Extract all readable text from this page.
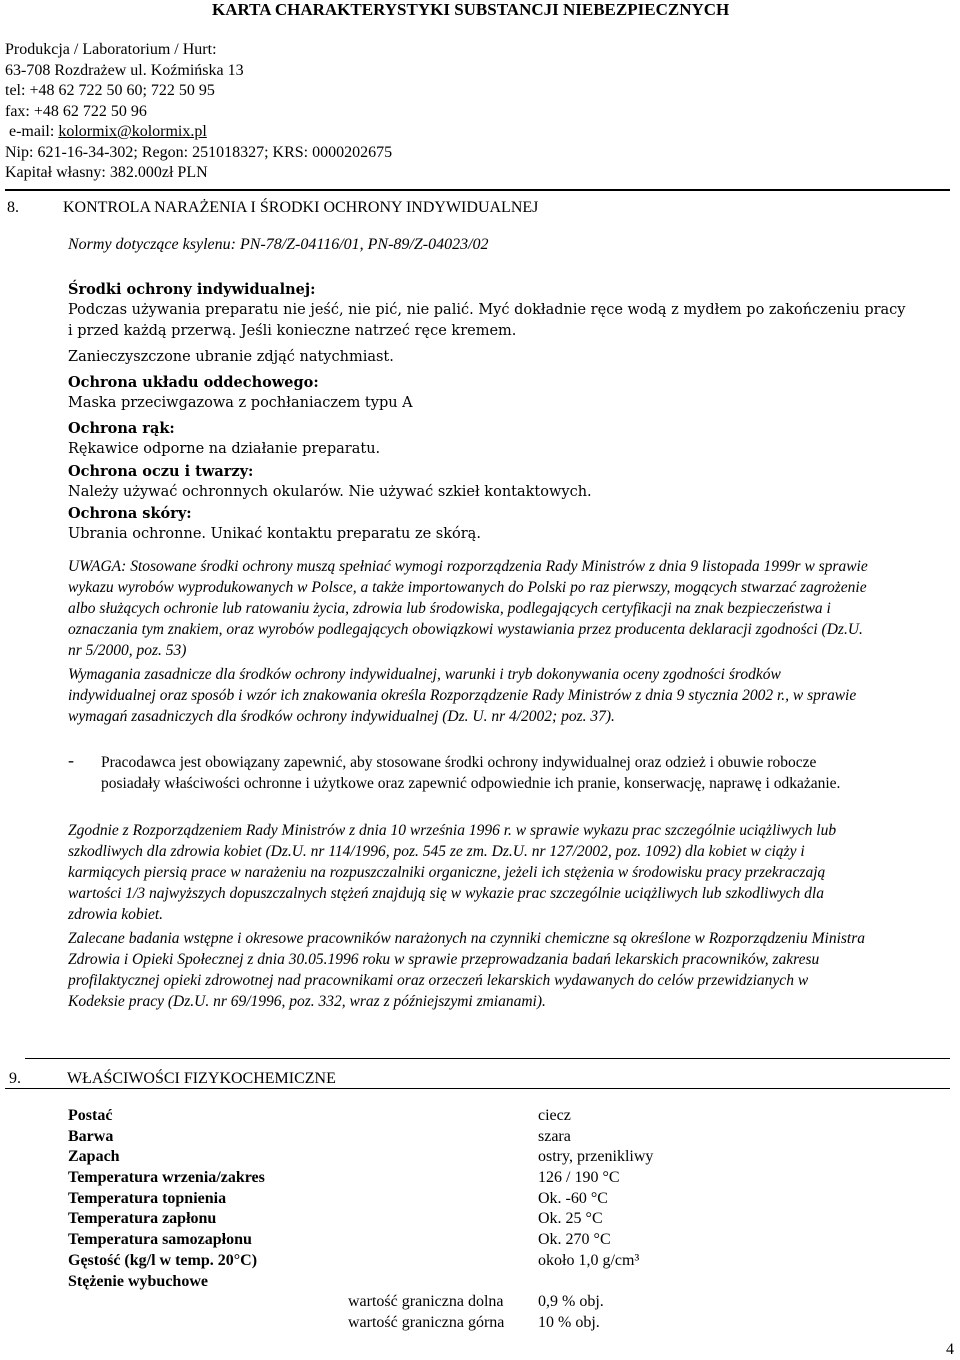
KARTA CHARAKTERYSTYKI SUBSTANCJI NIEBEZPIECZNYCH
Produkcja / Laboratorium / Hurt:
63-708 Rozdrażew ul. Koźmińska 13
tel: +48 62 722 50 60; 722 50 95
fax: +48 62 722 50 96
e-mail: kolormix@kolormix.pl
Nip: 621-16-34-302; Regon: 251018327; KRS: 0000202675
Kapitał własny: 382.000zł PLN
8.	KONTROLA NARAŻENIA I ŚRODKI OCHRONY INDYWIDUALNEJ
Normy dotyczące ksylenu: PN-78/Z-04116/01, PN-89/Z-04023/02
Środki ochrony indywidualnej:
Podczas używania preparatu nie jeść, nie pić, nie palić. Myć dokładnie ręce wodą z mydłem po zakończeniu pracy i przed każdą przerwą. Jeśli konieczne natrzeć ręce kremem.
Zanieczyszczone ubranie zdjąć natychmiast.
Ochrona układu oddechowego:
Maska przeciwgazowa z pochłaniaczem typu A
Ochrona rąk:
Rękawice odporne na działanie preparatu.
Ochrona oczu i twarzy:
Należy używać ochronnych okularów. Nie używać szkieł kontaktowych.
Ochrona skóry:
Ubrania ochronne. Unikać kontaktu preparatu ze skórą.
UWAGA: Stosowane środki ochrony muszą spełniać wymogi rozporządzenia Rady Ministrów z dnia 9 listopada 1999r w sprawie wykazu wyrobów wyprodukowanych w Polsce, a także importowanych do Polski po raz pierwszy, mogących stwarzać zagrożenie albo służących ochronie lub ratowaniu życia, zdrowia lub środowiska, podlegających certyfikacji na znak bezpieczeństwa i oznaczania tym znakiem, oraz wyrobów podlegających obowiązkowi wystawiania przez producenta deklaracji zgodności (Dz.U. nr 5/2000, poz. 53)
Wymagania zasadnicze dla środków ochrony indywidualnej, warunki i tryb dokonywania oceny zgodności środków indywidualnej oraz sposób i wzór ich znakowania określa Rozporządzenie Rady Ministrów z dnia 9 stycznia 2002 r., w sprawie wymagań zasadniczych dla środków ochrony indywidualnej (Dz. U. nr 4/2002; poz. 37).
- Pracodawca jest obowiązany zapewnić, aby stosowane środki ochrony indywidualnej oraz odzież i obuwie robocze posiadały właściwości ochronne i użytkowe oraz zapewnić odpowiednie ich pranie, konserwację, naprawę i odkażanie.
Zgodnie z Rozporządzeniem Rady Ministrów z dnia 10 września 1996 r. w sprawie wykazu prac szczególnie uciążliwych lub szkodliwych dla zdrowia kobiet (Dz.U. nr 114/1996, poz. 545 ze zm. Dz.U. nr 127/2002, poz. 1092) dla kobiet w ciąży i karmiących piersią prace w narażeniu na rozpuszczalniki organiczne, jeżeli ich stężenia w środowisku pracy przekraczają wartości 1/3 najwyższych dopuszczalnych stężeń znajdują się w wykazie prac szczególnie uciążliwych lub szkodliwych dla zdrowia kobiet.
Zalecane badania wstępne i okresowe pracowników narażonych na czynniki chemiczne są określone w Rozporządzeniu Ministra Zdrowia i Opieki Społecznej z dnia 30.05.1996 roku w sprawie przeprowadzania badań lekarskich pracowników, zakresu profilaktycznej opieki zdrowotnej nad pracownikami oraz orzeczeń lekarskich wydawanych do celów przewidzianych w Kodeksie pracy (Dz.U. nr 69/1996, poz. 332, wraz z późniejszymi zmianami).
9.	WŁAŚCIWOŚCI FIZYKOCHEMICZNE
Postać	ciecz
Barwa	szara
Zapach	ostry, przenikliwy
Temperatura wrzenia/zakres	126 / 190 °C
Temperatura topnienia	Ok. -60 °C
Temperatura zapłonu	Ok. 25 °C
Temperatura samozapłonu	Ok. 270 °C
Gęstość (kg/l w temp. 20°C)	około 1,0 g/cm³
Stężenie wybuchowe
wartość graniczna dolna 0,9 % obj.
wartość graniczna górna 10 % obj.
4
